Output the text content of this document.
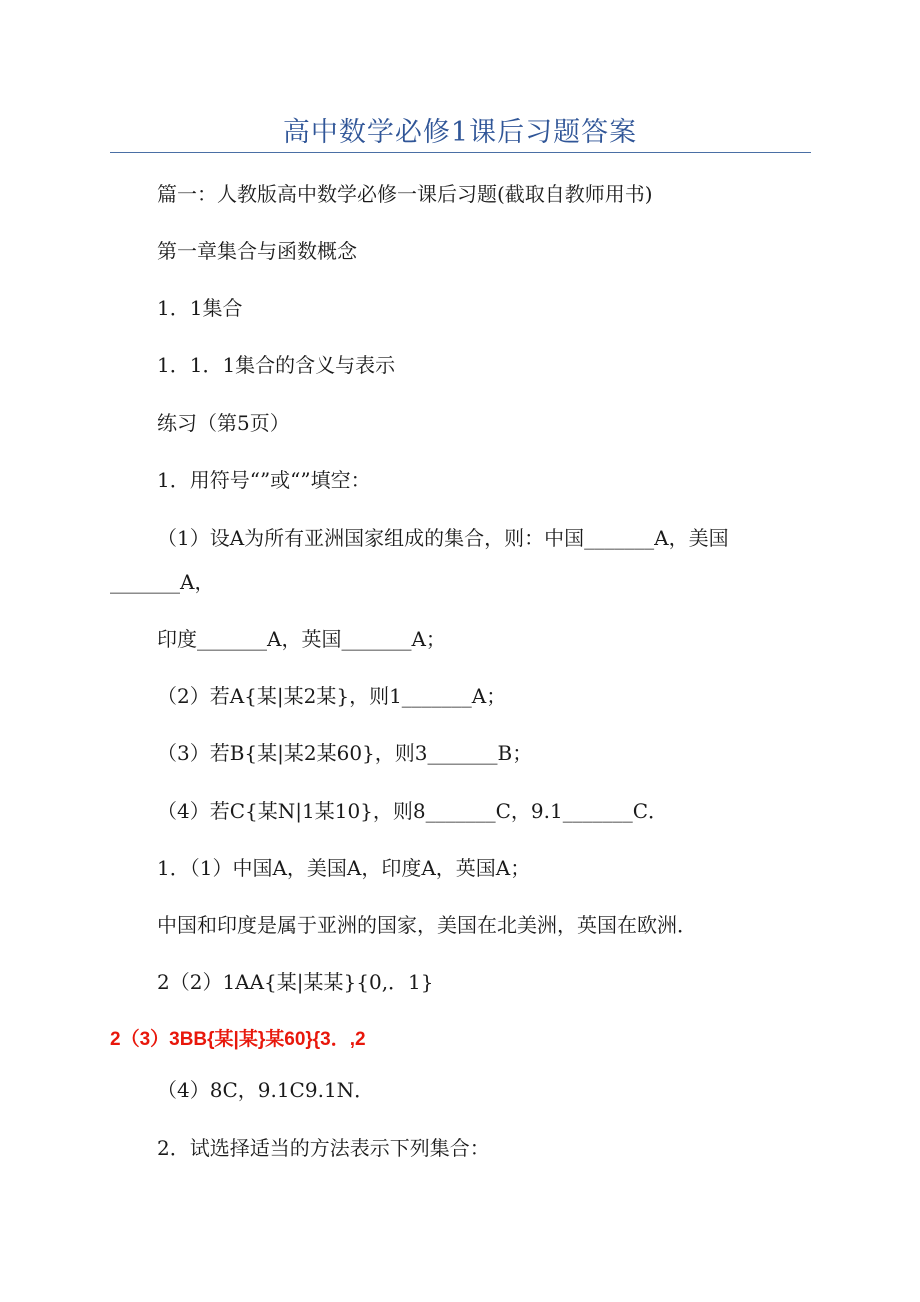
高中数学必修1课后习题答案
篇一：人教版高中数学必修一课后习题(截取自教师用书)
第一章集合与函数概念
1．1集合
1．1．1集合的含义与表示
练习（第5页）
1．用符号“”或“”填空：
（1）设A为所有亚洲国家组成的集合，则：中国_______A，美国
_______A，
印度_______A，英国_______A；
（2）若A{某|某2某}，则1_______A；
（3）若B{某|某2某60}，则3_______B；
（4）若C{某N|1某10}，则8_______C，9.1_______C．
1．（1）中国A，美国A，印度A，英国A；
中国和印度是属于亚洲的国家，美国在北美洲，英国在欧洲．
2（2）1AA{某|某某}{0,．1}
2（3）3BB{某|某}某60}{3．,2
（4）8C，9.1C9.1N．
2．试选择适当的方法表示下列集合：
